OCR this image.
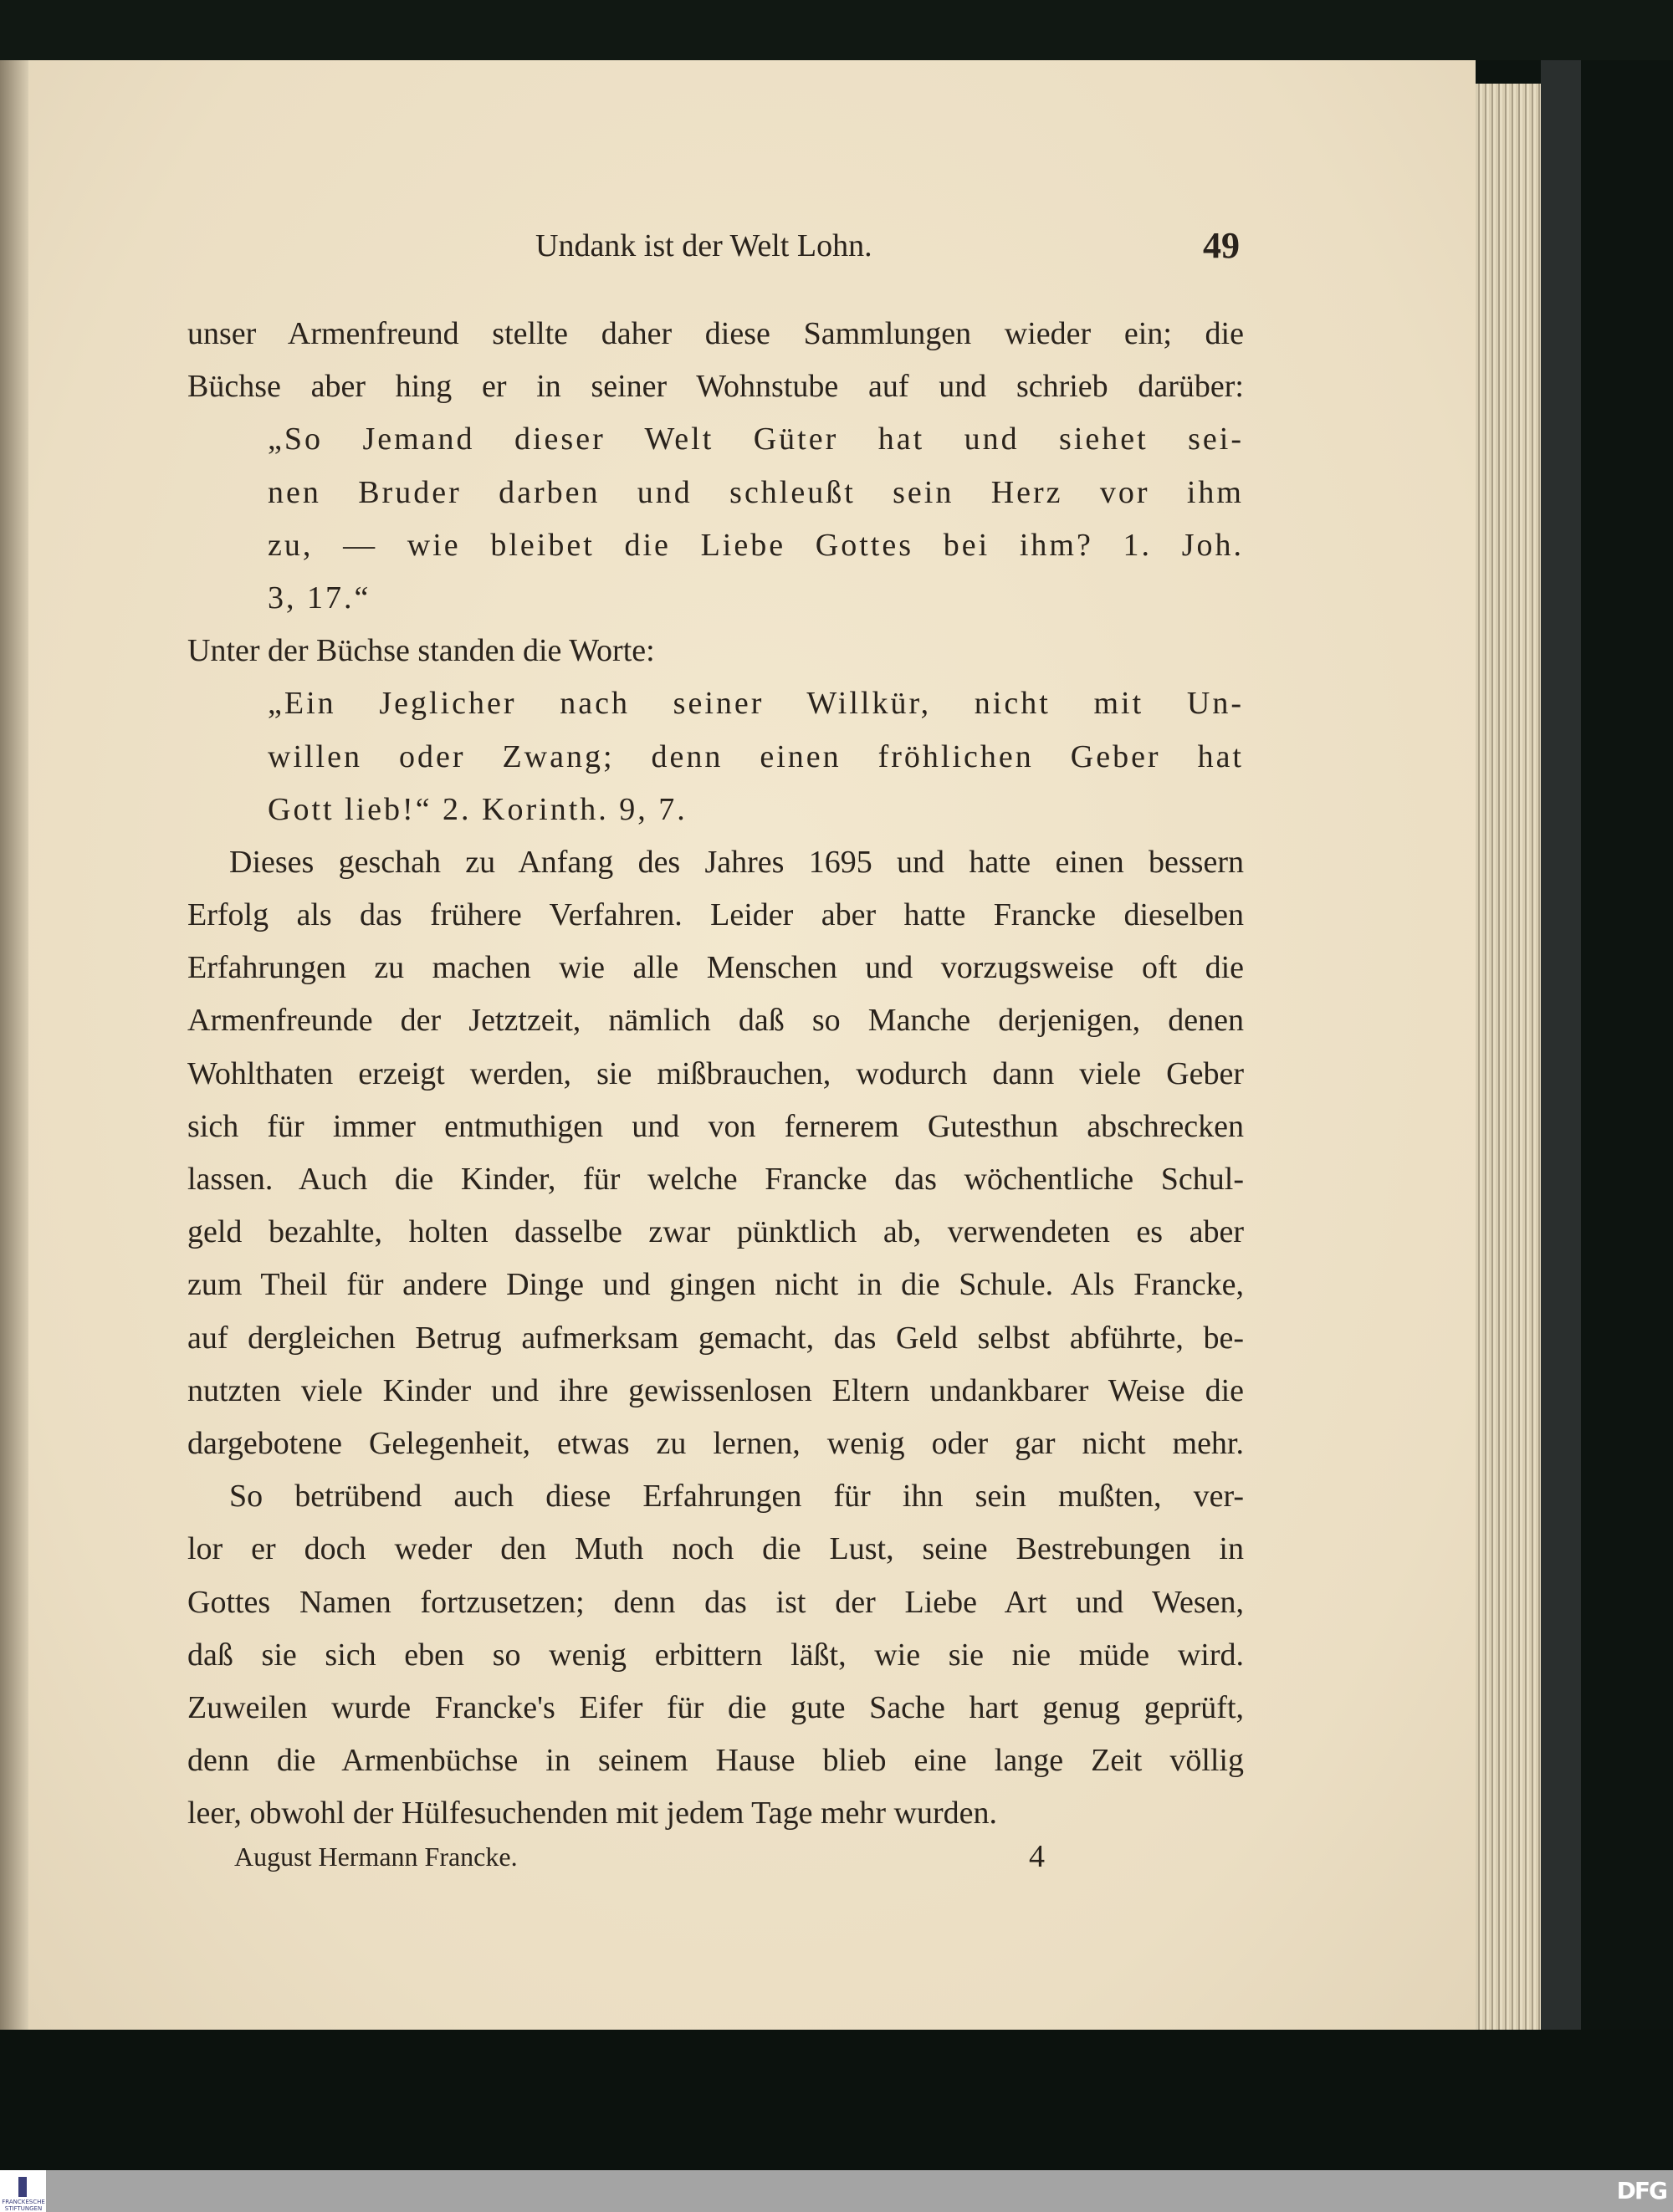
Undank ist der Welt Lohn.	49
unser Armenfreund stellte daher diese Sammlungen wieder ein; die
Büchse aber hing er in seiner Wohnstube auf und schrieb darüber:
„So Jemand dieser Welt Güter hat und siehet sei-
nen Bruder darben und schleußt sein Herz vor ihm
zu, — wie bleibet die Liebe Gottes bei ihm? 1. Joh.
3, 17.“
Unter der Büchse standen die Worte:
„Ein Jeglicher nach seiner Willkür, nicht mit Un-
willen oder Zwang; denn einen fröhlichen Geber hat
Gott lieb!“ 2. Korinth. 9, 7.
Dieses geschah zu Anfang des Jahres 1695 und hatte einen bessern
Erfolg als das frühere Verfahren. Leider aber hatte Francke dieselben
Erfahrungen zu machen wie alle Menschen und vorzugsweise oft die
Armenfreunde der Jetztzeit, nämlich daß so Manche derjenigen, denen
Wohlthaten erzeigt werden, sie mißbrauchen, wodurch dann viele Geber
sich für immer entmuthigen und von fernerem Gutesthun abschrecken
lassen. Auch die Kinder, für welche Francke das wöchentliche Schul-
geld bezahlte, holten dasselbe zwar pünktlich ab, verwendeten es aber
zum Theil für andere Dinge und gingen nicht in die Schule. Als Francke,
auf dergleichen Betrug aufmerksam gemacht, das Geld selbst abführte, be-
nutzten viele Kinder und ihre gewissenlosen Eltern undankbarer Weise die
dargebotene Gelegenheit, etwas zu lernen, wenig oder gar nicht mehr.
So betrübend auch diese Erfahrungen für ihn sein mußten, ver-
lor er doch weder den Muth noch die Lust, seine Bestrebungen in
Gottes Namen fortzusetzen; denn das ist der Liebe Art und Wesen,
daß sie sich eben so wenig erbittern läßt, wie sie nie müde wird.
Zuweilen wurde Francke's Eifer für die gute Sache hart genug geprüft,
denn die Armenbüchse in seinem Hause blieb eine lange Zeit völlig
leer, obwohl der Hülfesuchenden mit jedem Tage mehr wurden.
August Hermann Francke.	4
FRANCKESCHE STIFTUNGEN
DFG
